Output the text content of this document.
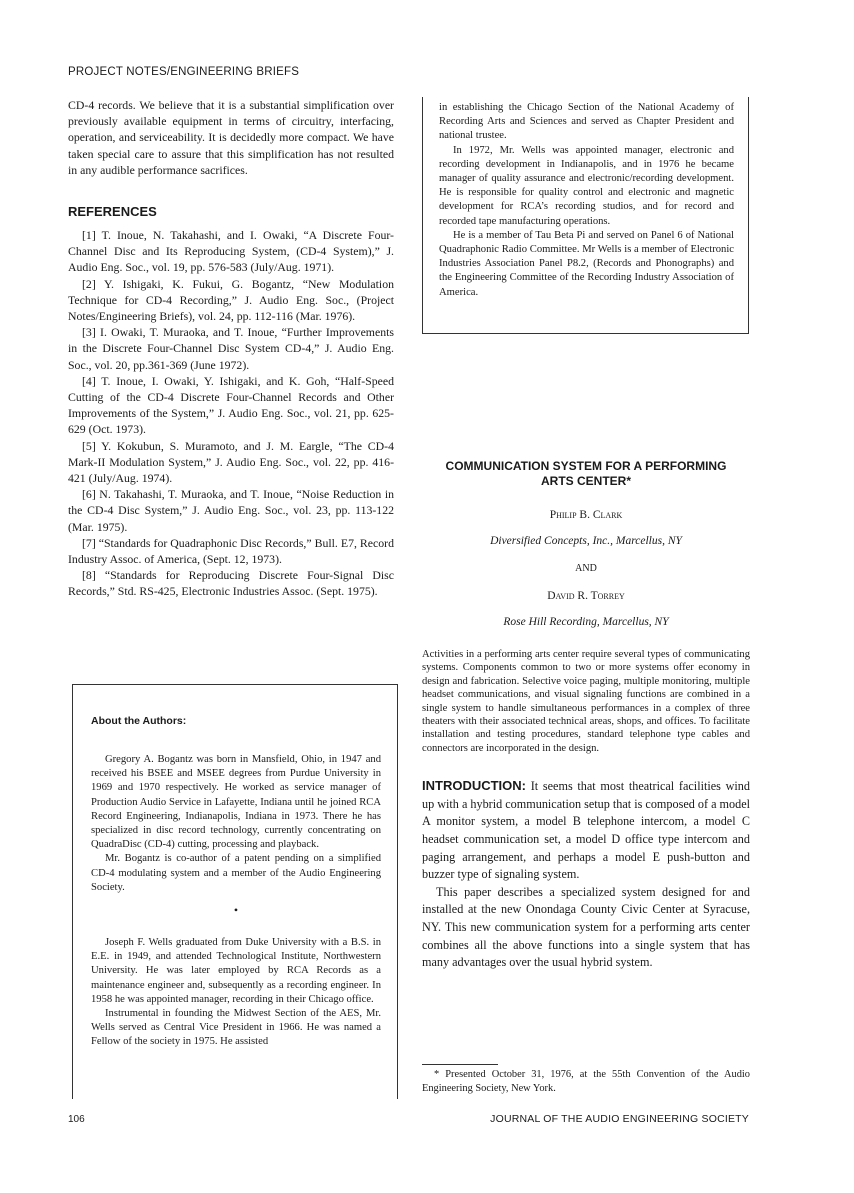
PROJECT NOTES/ENGINEERING BRIEFS

CD-4 records. We believe that it is a substantial simplification over previously available equipment in terms of circuitry, interfacing, operation, and serviceability. It is decidedly more compact. We have taken special care to assure that this simplification has not resulted in any audible performance sacrifices.

REFERENCES

[1] T. Inoue, N. Takahashi, and I. Owaki, “A Discrete Four-Channel Disc and Its Reproducing System, (CD-4 System),” J. Audio Eng. Soc., vol. 19, pp. 576-583 (July/Aug. 1971).

[2] Y. Ishigaki, K. Fukui, G. Bogantz, “New Modulation Technique for CD-4 Recording,” J. Audio Eng. Soc., (Project Notes/Engineering Briefs), vol. 24, pp. 112-116 (Mar. 1976).

[3] I. Owaki, T. Muraoka, and T. Inoue, “Further Improvements in the Discrete Four-Channel Disc System CD-4,” J. Audio Eng. Soc., vol. 20, pp.361-369 (June 1972).

[4] T. Inoue, I. Owaki, Y. Ishigaki, and K. Goh, “Half-Speed Cutting of the CD-4 Discrete Four-Channel Records and Other Improvements of the System,” J. Audio Eng. Soc., vol. 21, pp. 625-629 (Oct. 1973).

[5] Y. Kokubun, S. Muramoto, and J. M. Eargle, “The CD-4 Mark-II Modulation System,” J. Audio Eng. Soc., vol. 22, pp. 416-421 (July/Aug. 1974).

[6] N. Takahashi, T. Muraoka, and T. Inoue, “Noise Reduction in the CD-4 Disc System,” J. Audio Eng. Soc., vol. 23, pp. 113-122 (Mar. 1975).

[7] “Standards for Quadraphonic Disc Records,” Bull. E7, Record Industry Assoc. of America, (Sept. 12, 1973).

[8] “Standards for Reproducing Discrete Four-Signal Disc Records,” Std. RS-425, Electronic Industries Assoc. (Sept. 1975).

About the Authors:

Gregory A. Bogantz was born in Mansfield, Ohio, in 1947 and received his BSEE and MSEE degrees from Purdue University in 1969 and 1970 respectively. He worked as service manager of Production Audio Service in Lafayette, Indiana until he joined RCA Record Engineering, Indianapolis, Indiana in 1973. There he has specialized in disc record technology, currently concentrating on QuadraDisc (CD-4) cutting, processing and playback.

Mr. Bogantz is co-author of a patent pending on a simplified CD-4 modulating system and a member of the Audio Engineering Society.

•

Joseph F. Wells graduated from Duke University with a B.S. in E.E. in 1949, and attended Technological Institute, Northwestern University. He was later employed by RCA Records as a maintenance engineer and, subsequently as a recording engineer. In 1958 he was appointed manager, recording in their Chicago office.

Instrumental in founding the Midwest Section of the AES, Mr. Wells served as Central Vice President in 1966. He was named a Fellow of the society in 1975. He assisted

in establishing the Chicago Section of the National Academy of Recording Arts and Sciences and served as Chapter President and national trustee.

In 1972, Mr. Wells was appointed manager, electronic and recording development in Indianapolis, and in 1976 he became manager of quality assurance and electronic/recording development. He is responsible for quality control and electronic and magnetic development for RCA’s recording studios, and for record and recorded tape manufacturing operations.

He is a member of Tau Beta Pi and served on Panel 6 of National Quadraphonic Radio Committee. Mr Wells is a member of Electronic Industries Association Panel P8.2, (Records and Phonographs) and the Engineering Committee of the Recording Industry Association of America.

COMMUNICATION SYSTEM FOR A PERFORMING ARTS CENTER*

Philip B. Clark

Diversified Concepts, Inc., Marcellus, NY

AND

David R. Torrey

Rose Hill Recording, Marcellus, NY

Activities in a performing arts center require several types of communicating systems. Components common to two or more systems offer economy in design and fabrication. Selective voice paging, multiple monitoring, multiple headset communications, and visual signaling functions are combined in a single system to handle simultaneous performances in a complex of three theaters with their associated technical areas, shops, and offices. To facilitate installation and testing procedures, standard telephone type cables and connectors are incorporated in the design.

INTRODUCTION: It seems that most theatrical facilities wind up with a hybrid communication setup that is composed of a model A monitor system, a model B telephone intercom, a model C headset communication set, a model D office type intercom and paging arrangement, and perhaps a model E push-button and buzzer type of signaling system.

This paper describes a specialized system designed for and installed at the new Onondaga County Civic Center at Syracuse, NY. This new communication system for a performing arts center combines all the above functions into a single system that has many advantages over the usual hybrid system.

* Presented October 31, 1976, at the 55th Convention of the Audio Engineering Society, New York.

106	JOURNAL OF THE AUDIO ENGINEERING SOCIETY
